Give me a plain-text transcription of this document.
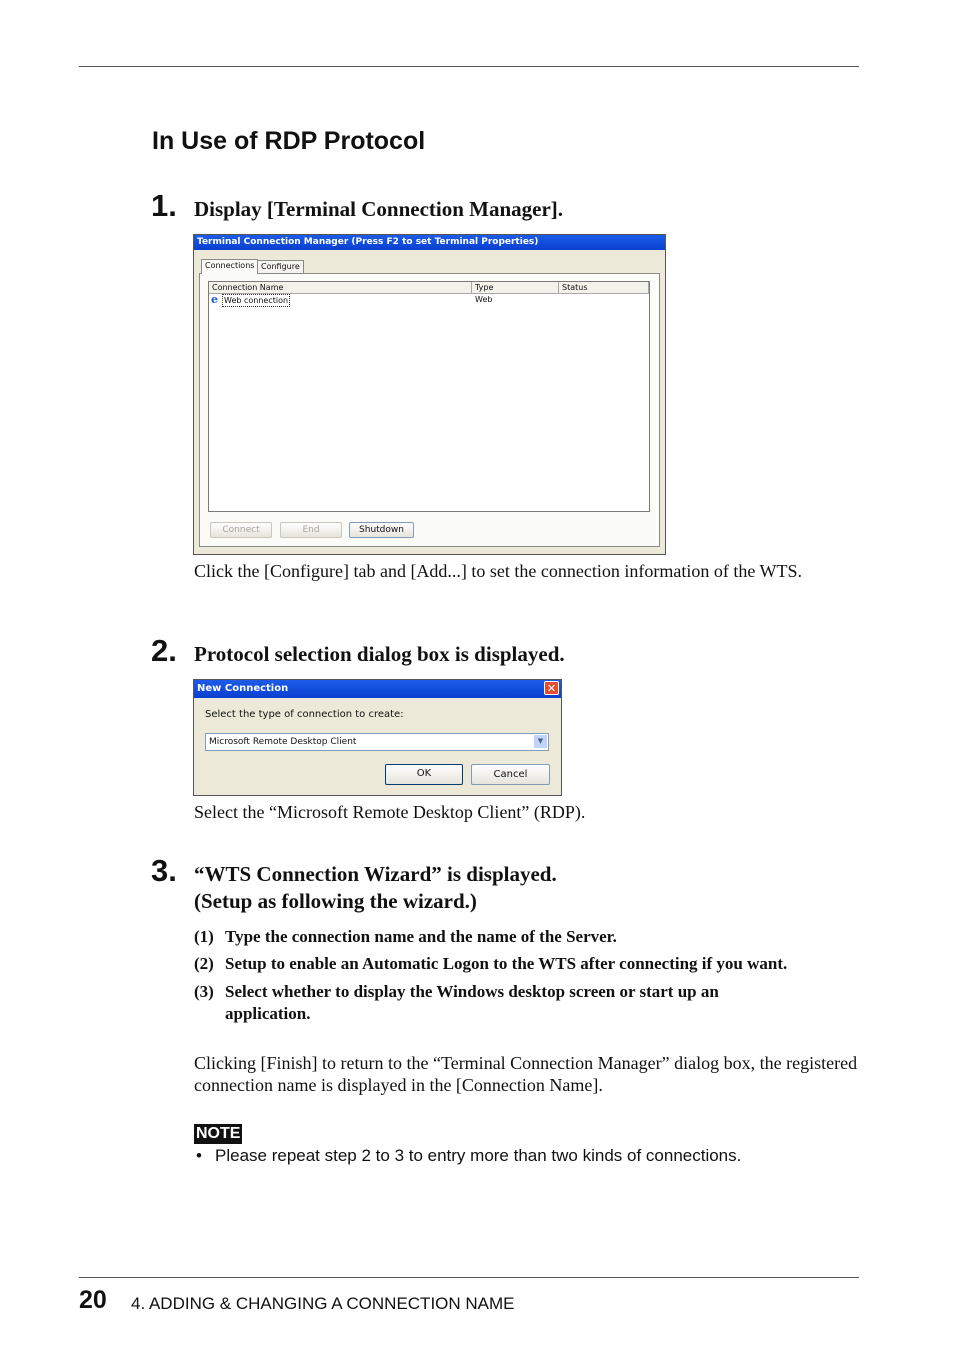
In Use of RDP Protocol
1. Display [Terminal Connection Manager].
Terminal Connection Manager (Press F2 to set Terminal Properties)
Connections Configure
Connection Name	Type	Status
e Web connection	Web
Connect	End	Shutdown
Click the [Configure] tab and [Add...] to set the connection information of the WTS.
2. Protocol selection dialog box is displayed.
New Connection	✕
Select the type of connection to create:
Microsoft Remote Desktop Client	▼
OK	Cancel
Select the “Microsoft Remote Desktop Client” (RDP).
3. “WTS Connection Wizard” is displayed.
(Setup as following the wizard.)
(1) Type the connection name and the name of the Server.
(2) Setup to enable an Automatic Logon to the WTS after connecting if you want.
(3) Select whether to display the Windows desktop screen or start up an application.
Clicking [Finish] to return to the “Terminal Connection Manager” dialog box, the registered connection name is displayed in the [Connection Name].
NOTE
• Please repeat step 2 to 3 to entry more than two kinds of connections.
20 4. ADDING & CHANGING A CONNECTION NAME
